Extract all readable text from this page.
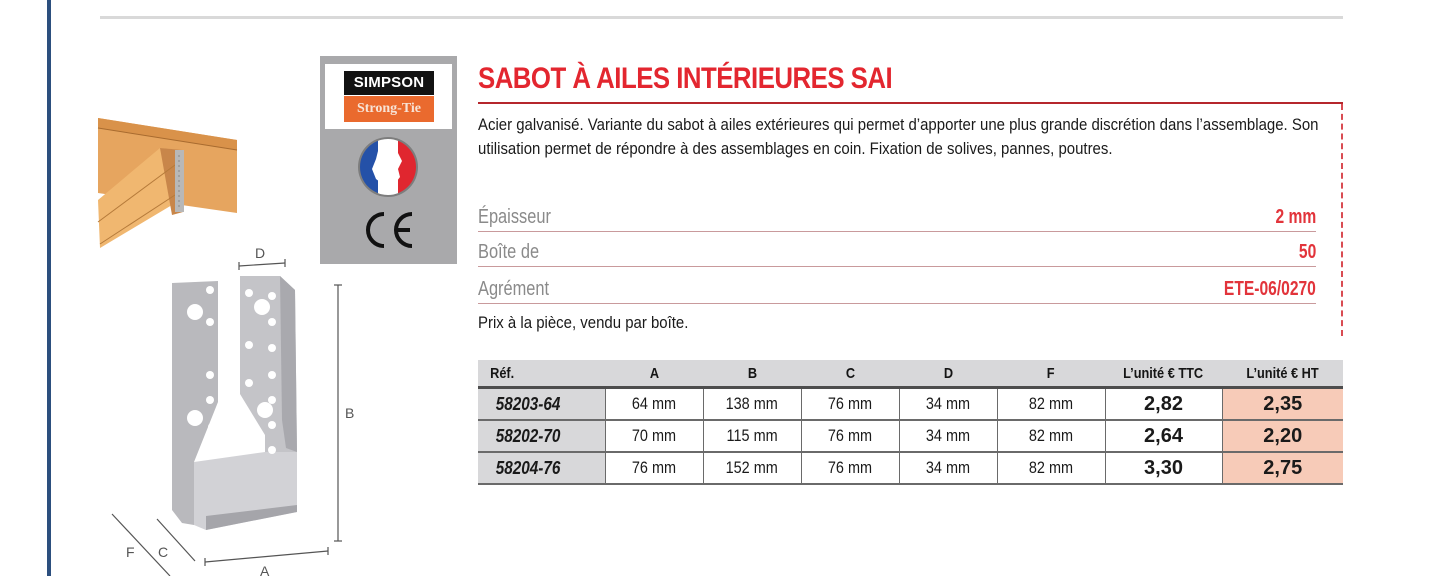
D
B
A
C
F
SIMPSON
Strong-Tie
SABOT À AILES INTÉRIEURES SAI
Acier galvanisé. Variante du sabot à ailes extérieures qui permet d’apporter une plus grande discrétion dans l’assemblage. Son utilisation permet de répondre à des assemblages en coin. Fixation de solives, pannes, poutres.
Épaisseur	2 mm
Boîte de	50
Agrément	ETE-06/0270
Prix à la pièce, vendu par boîte.
Réf.	A	B	C	D	F	L’unité € TTC	L’unité € HT
58203-64	64 mm	138 mm	76 mm	34 mm	82 mm	2,82	2,35
58202-70	70 mm	115 mm	76 mm	34 mm	82 mm	2,64	2,20
58204-76	76 mm	152 mm	76 mm	34 mm	82 mm	3,30	2,75
